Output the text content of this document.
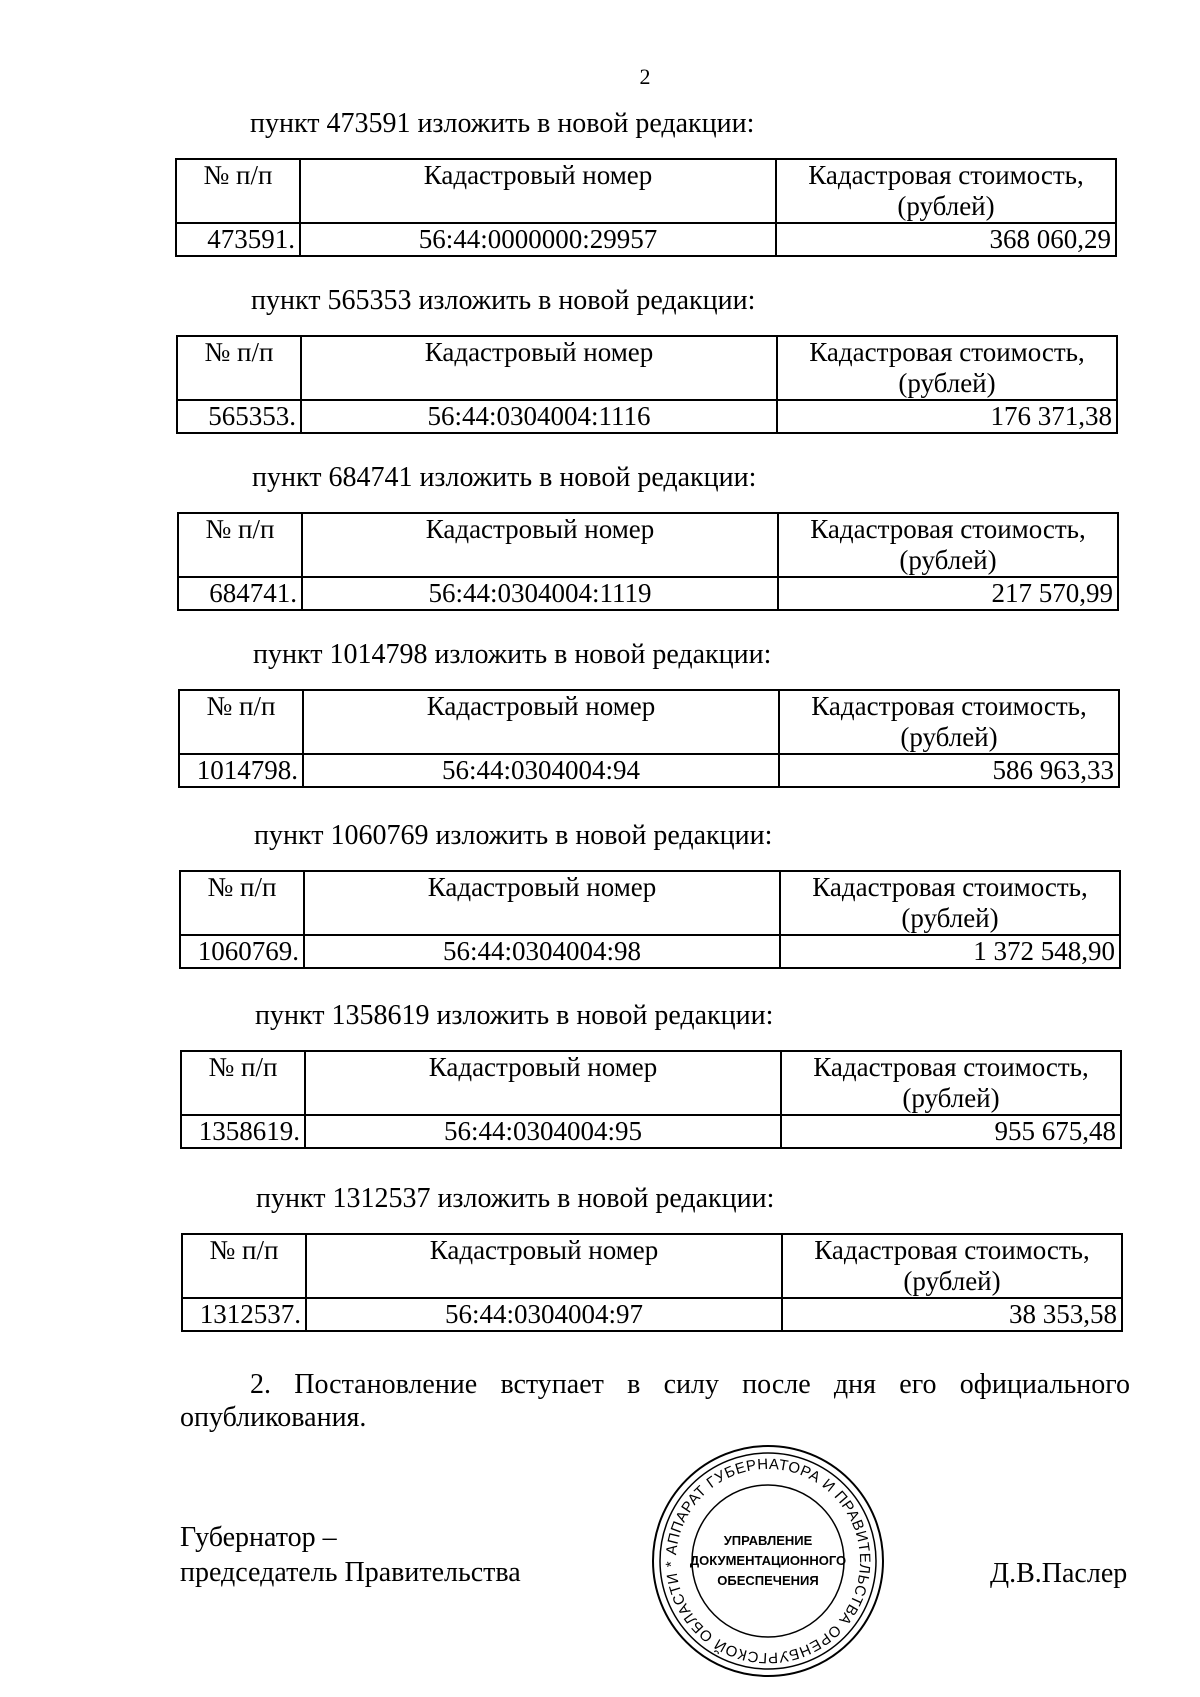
2
пункт 473591 изложить в новой редакции:
№ п/п	Кадастровый номер	Кадастровая стоимость, (рублей)
473591.	56:44:0000000:29957	368 060,29
пункт 565353 изложить в новой редакции:
№ п/п	Кадастровый номер	Кадастровая стоимость, (рублей)
565353.	56:44:0304004:1116	176 371,38
пункт 684741 изложить в новой редакции:
№ п/п	Кадастровый номер	Кадастровая стоимость, (рублей)
684741.	56:44:0304004:1119	217 570,99
пункт 1014798 изложить в новой редакции:
№ п/п	Кадастровый номер	Кадастровая стоимость, (рублей)
1014798.	56:44:0304004:94	586 963,33
пункт 1060769 изложить в новой редакции:
№ п/п	Кадастровый номер	Кадастровая стоимость, (рублей)
1060769.	56:44:0304004:98	1 372 548,90
пункт 1358619 изложить в новой редакции:
№ п/п	Кадастровый номер	Кадастровая стоимость, (рублей)
1358619.	56:44:0304004:95	955 675,48
пункт 1312537 изложить в новой редакции:
№ п/п	Кадастровый номер	Кадастровая стоимость, (рублей)
1312537.	56:44:0304004:97	38 353,58
2. Постановление вступает в силу после дня его официального опубликования.
Губернатор –
председатель Правительства
АППАРАТ ГУБЕРНАТОРА И ПРАВИТЕЛЬСТВА ОРЕНБУРГСКОЙ ОБЛАСТИ *
УПРАВЛЕНИЕ
ДОКУМЕНТАЦИОННОГО
ОБЕСПЕЧЕНИЯ	Д.В.Паслер
